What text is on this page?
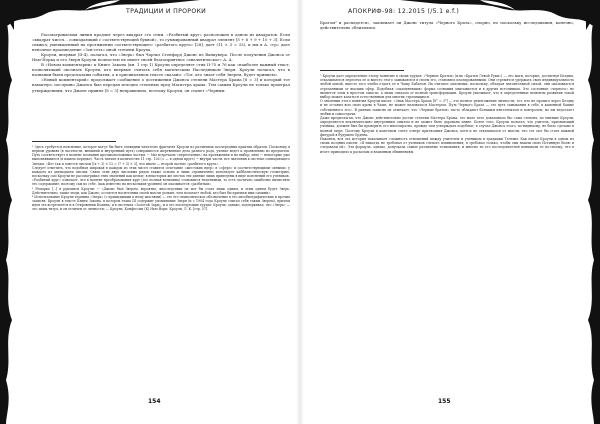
ТРАДИЦИИ И ПРОРОКИ

Рассматриваемая линия продлит через квадрат сто семи. «Разбитый круг» расположен в одном из квадратов. Если «квадрат чисел... совпадающий с соответствующей буквой», то суммированный квадрат элемент [5 + 6 + 9 + 10 + 3]. Если символ, уменьшенный на протяжении соответствующего «разбитого круга» [28], дает (11 × 3 = 33), и мы в А. «гр» дает неполное произведение «Зон-сеть» иной степени Кроуха.

Кроули, впервые (II-4), полагал, что «Зверь» был Чарльз Стенфорд Джонс из Ванкувера. После получения Джонса от Нью-Йорка и его Зверя Кроули полностью не имеет своей благоприятное «аналитическое» А. А.

В «Новом комментарии» к Книге Закона (кн. 1 стр 1) Кроули определяет стих II-75 и 76 как «наиболее важный текст, позволяющий опознать Кроули, кто впервые считать себя магическим Наследником Зверя. Кроули полагал, что в названии были предсказаны события, а в оригинальном тексте сказано: «Тот, кто знает себя Зверем, будет принцем».

«Новый комментарий» продолжает сообщение о достижении Джонса степени Мастера Храма [8 = 3] и который тот намагнул, послушно Джонса был передан исходно степенью пред Магистра храма. Тем самым Кроули не только проиграл утверждениям, что Джонс принял [8 = 3] неправильно, поэтому Кроули, он станет «Черным

¹ Здесь требуется пояснение, которое могут бы быть очевидны читателю фрагмент Кроули из различных поочередных практик образов. Поскольку в первом уровнях (в частности, внешний и внутренний путь) совершаются жертвенные дела разного рода, учение ведет к проявлению из предметов. Путь соответствует в момент познания противоположным частям. ← Мы встречаем «пересечение» на протяжении и на выбор, пять ← некоторые уже выполнявшиеся (в нашем порядке). Часть значит в количестве 11 стр. 126 (∞ — в одном круге) → внутри части: все значения в системе совпадающего Звезды. «Вот так и зовется числом [(x + 3) × 12 = (7 + 3) × 3], что иначе — второй частью «разбитого круга».

Следует отметить, что подобная широкая в каждом из этих чисел ставится сочетание «жестоких ядер» в «сфере» и соответствующими «иными» у каждого из двенадцати числах. Связь этих двух числовых рядов также основа и лишь ограниченно использует каббалистическую геометрию, поскольку сам Кроули не рассматривал этих значений как целые; в некоторых же местах эти данные лишь приведены в виде пояснений его учеников.

«Разбитый круг» означает, что в момент преобразования круг (его полная величина) становится неделимым, то есть частично ошибочно вычислять его содержание, поэтому сам по себе, (как известно на нескольких уровнях) он оказывается «разбитым».

² Ремарка [...] в рукописи Кроули: ← «Джонс был Зверем, вероятно; впоследствии он мог бы стать лишь одним, и этим одним будет Зверь. Действительно, такие люди, как Джонс, остаются носителями своей мысли дольше, чем полагает любой, кто был бы признан ими самими».

⁴ Использование Кроули термина «Зверь» (с пришедшими к нему мыслями) — это его символическое обозначение в его автобиографических и прочих записях. Кроули в тексте Книги Закона, в котором глава III содержит упоминание Зверя (и с 1904 года Кроули считал себя таким Зверем), причем идея эта встречается и в Откровении Иоанна, и в системах «Золотой Зари», и в его последующих трудах: Кроули, однако, подчеркивал, что «Зверь» — это лишь титул, и он отличен от личности; — Кроули, Конфессии (К) Нью-Йорк: Кроули, Л. К. [стр. 57].

154
АПОКРИФ-98: 12.2015 (/5.1 e.f.)

Братом⁵ и распадется», заклинает ли Джонс титула «Черного Брата», спорно, но поскольку исследования, конечно, действительно сблизились.

⁵ Кроули дает определение этому понятию в своих трудах: «Черные Братья» (или «Братья Левой Руки») — это маги, которые, достигнув Бездны, отказываются пересечь ее и вместо этого замыкаются в своем эго, становясь изолированными. Они стремятся удержать свою индивидуальность любой ценой, вместо того чтобы отдать ее в Чашу Бабалон. Их считают опасными, поскольку, обладая значительной силой, они оказываются отрезанными от высших сфер. Подобная «окаменевшая» форма сознания описывается и в других источниках. Это состояние «черного» не является злом в простом смысле, а лишь отказом от полной трансформации. Кроули указывает, что в определенные моменты развития такой выбор может казаться естественным для многих стремящихся.

О значении этого понятия Кроули писал: «Знак Мастера Храма [8° = 3°] — это полное уничтожение личности; тот, кто не прошел через Бездну и не оставил всю свою кровь в Чаше, не может называться Мастером. Путь Черного Брата — это путь замыкания в себе, в каменной башне собственного эго». В ранних записях он отмечает, что «Черные братья» часто обладают большим интеллектом и контролем, но им недостает любви и самоотдачи.

Даже предполагая, что Джонс действительно достиг степени Мастера Храма, это мало чего доказывало бы: сама степень, по мнению Кроули, определяется исключительно внутренним опытом и не может быть дарована извне. Более того, Кроули полагал, что учитель, признающий ученика, должен был бы проверить его многократно, прежде чем утверждать подобное; в случае Джонса этого, по-видимому, не было сделано в полной мере. Поэтому Кроули в конечном счете отверг притязания Джонса, хотя и не отказывался от мысли, что тот мог бы стать важной фигурой в будущем Ордена.

Наконец, вся эта история показывает сложность отношений между учителем и учеником в традиции Телемы. Как писал Кроули в одном из своих поздних писем: «Я никогда не требовал от учеников слепого повиновения; я требовал только, чтобы они нашли свою Истинную Волю и следовали ей». Эта формула, однако, допускала самые различные толкования, и многие из его последователей понимали ее по-своему, что в итоге приводило к расколам и взаимным обвинениям.

155
